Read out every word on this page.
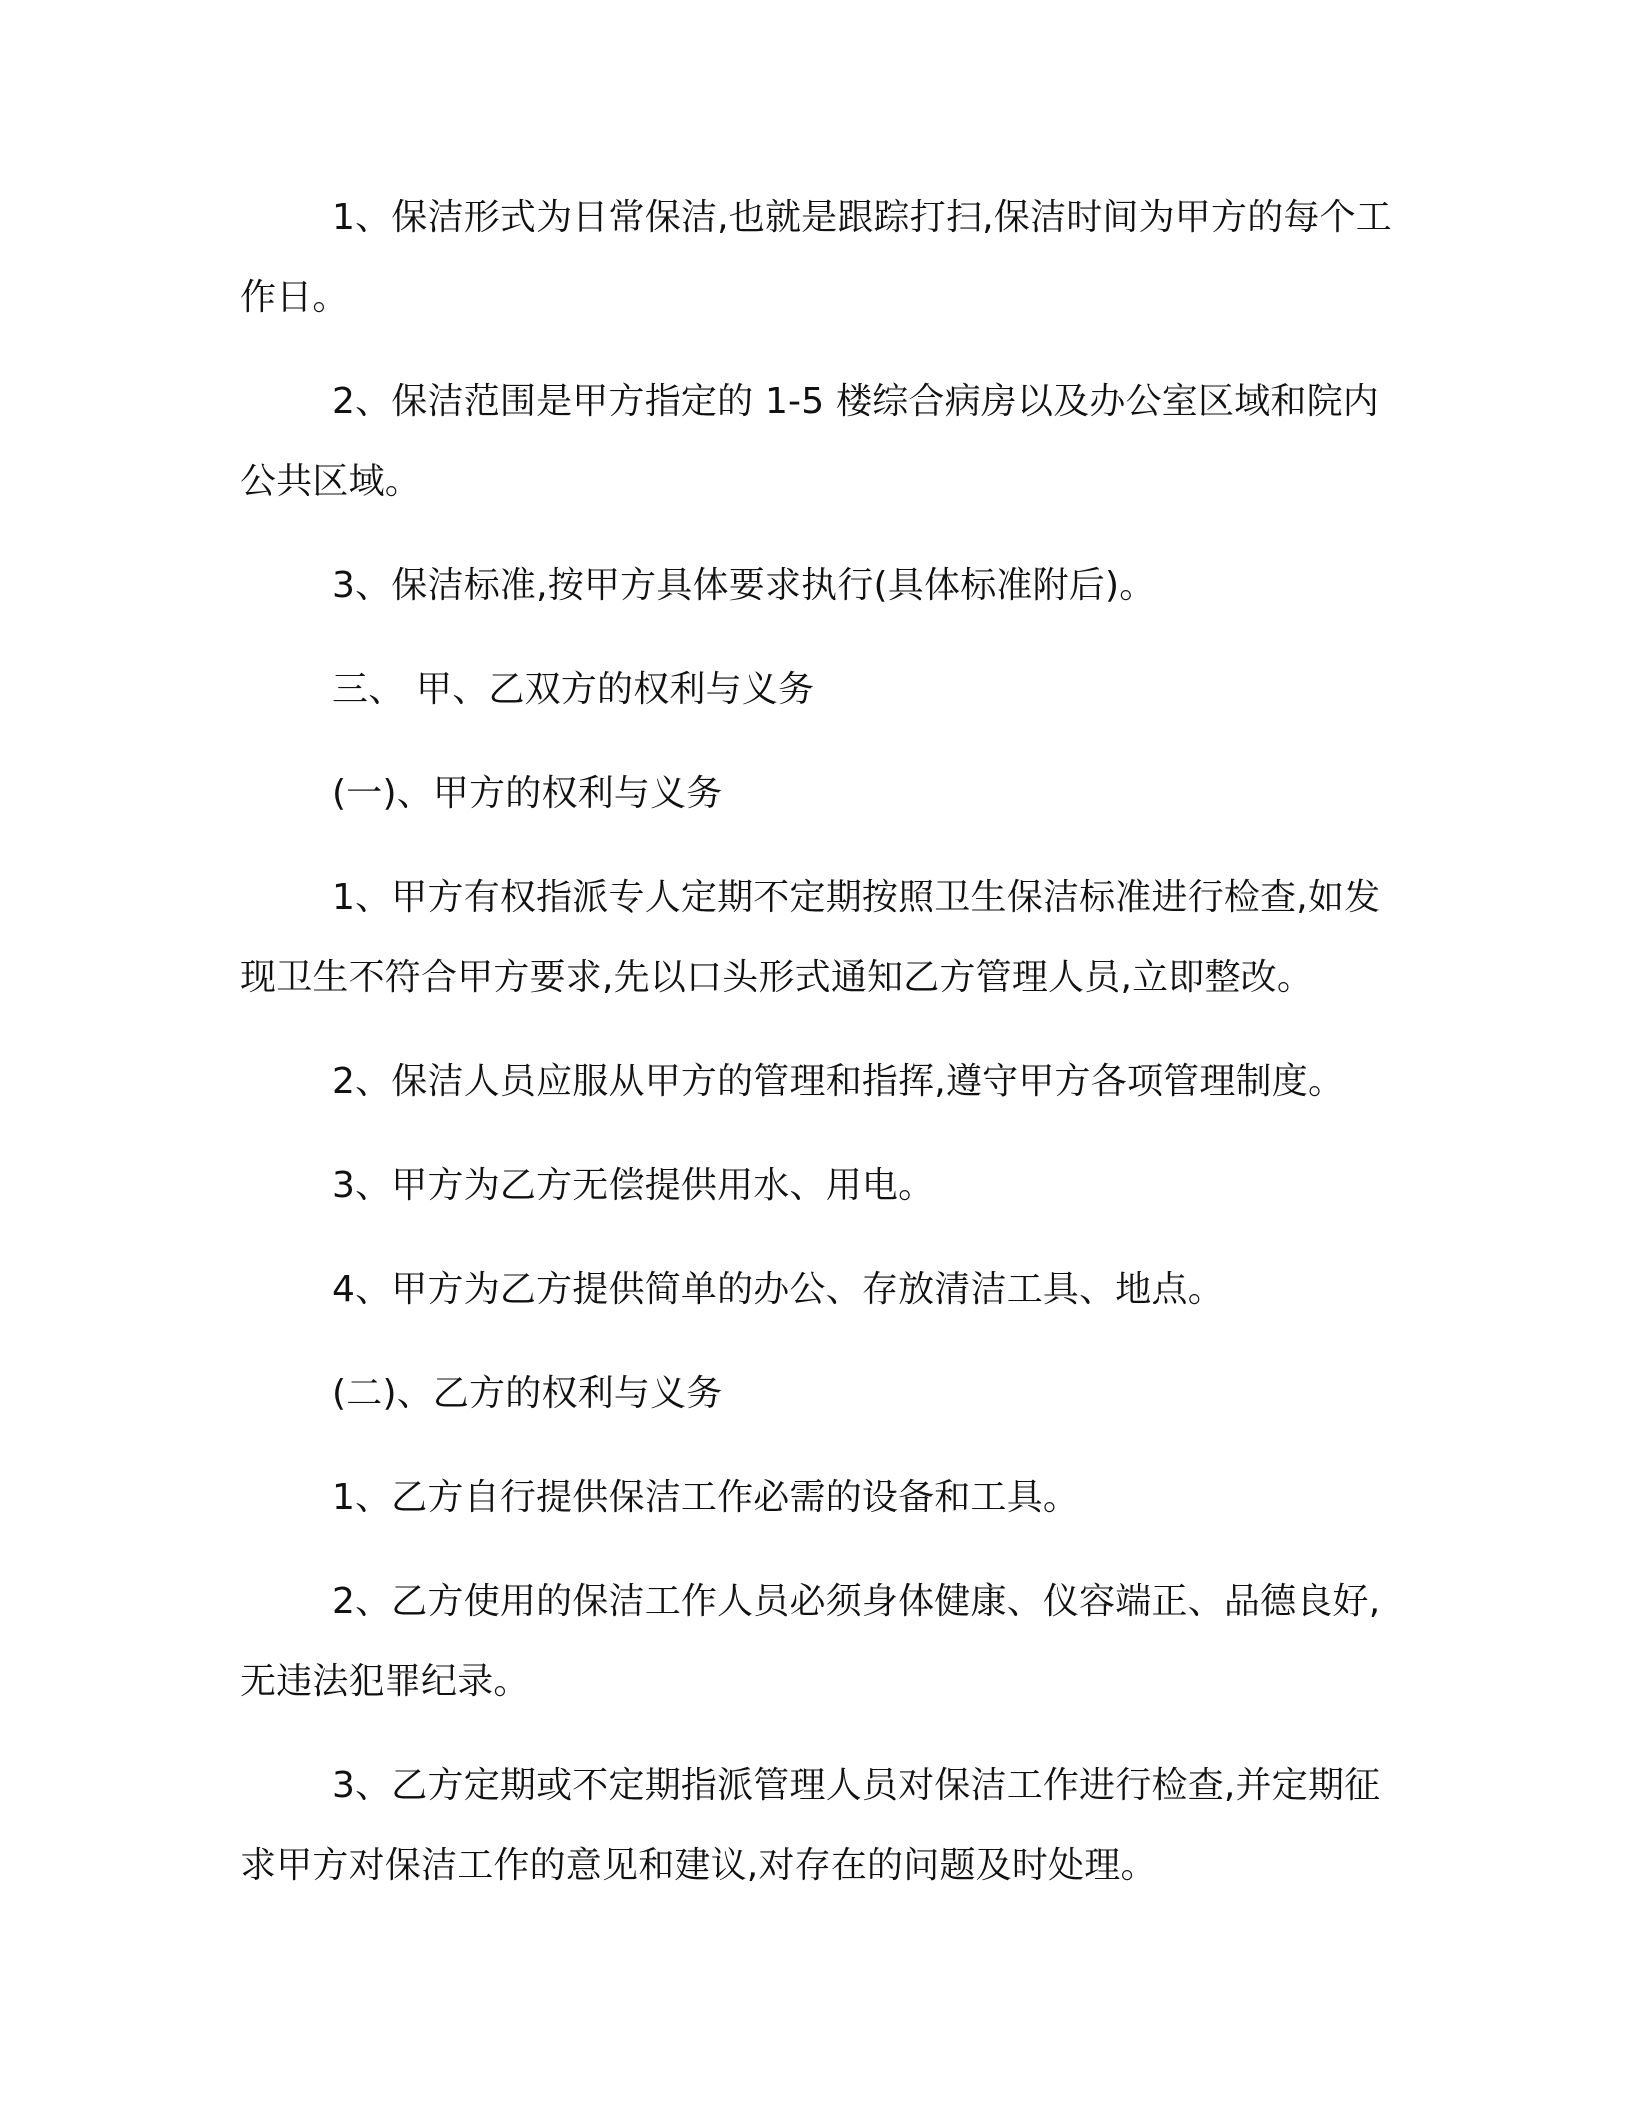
1、保洁形式为日常保洁,也就是跟踪打扫,保洁时间为甲方的每个工作日。

2、保洁范围是甲方指定的 1-5 楼综合病房以及办公室区域和院内公共区域。

3、保洁标准,按甲方具体要求执行(具体标准附后)。

三、 甲、乙双方的权利与义务

(一)、甲方的权利与义务

1、甲方有权指派专人定期不定期按照卫生保洁标准进行检查,如发现卫生不符合甲方要求,先以口头形式通知乙方管理人员,立即整改。

2、保洁人员应服从甲方的管理和指挥,遵守甲方各项管理制度。

3、甲方为乙方无偿提供用水、用电。

4、甲方为乙方提供简单的办公、存放清洁工具、地点。

(二)、乙方的权利与义务

1、乙方自行提供保洁工作必需的设备和工具。

2、乙方使用的保洁工作人员必须身体健康、仪容端正、品德良好,无违法犯罪纪录。

3、乙方定期或不定期指派管理人员对保洁工作进行检查,并定期征求甲方对保洁工作的意见和建议,对存在的问题及时处理。
